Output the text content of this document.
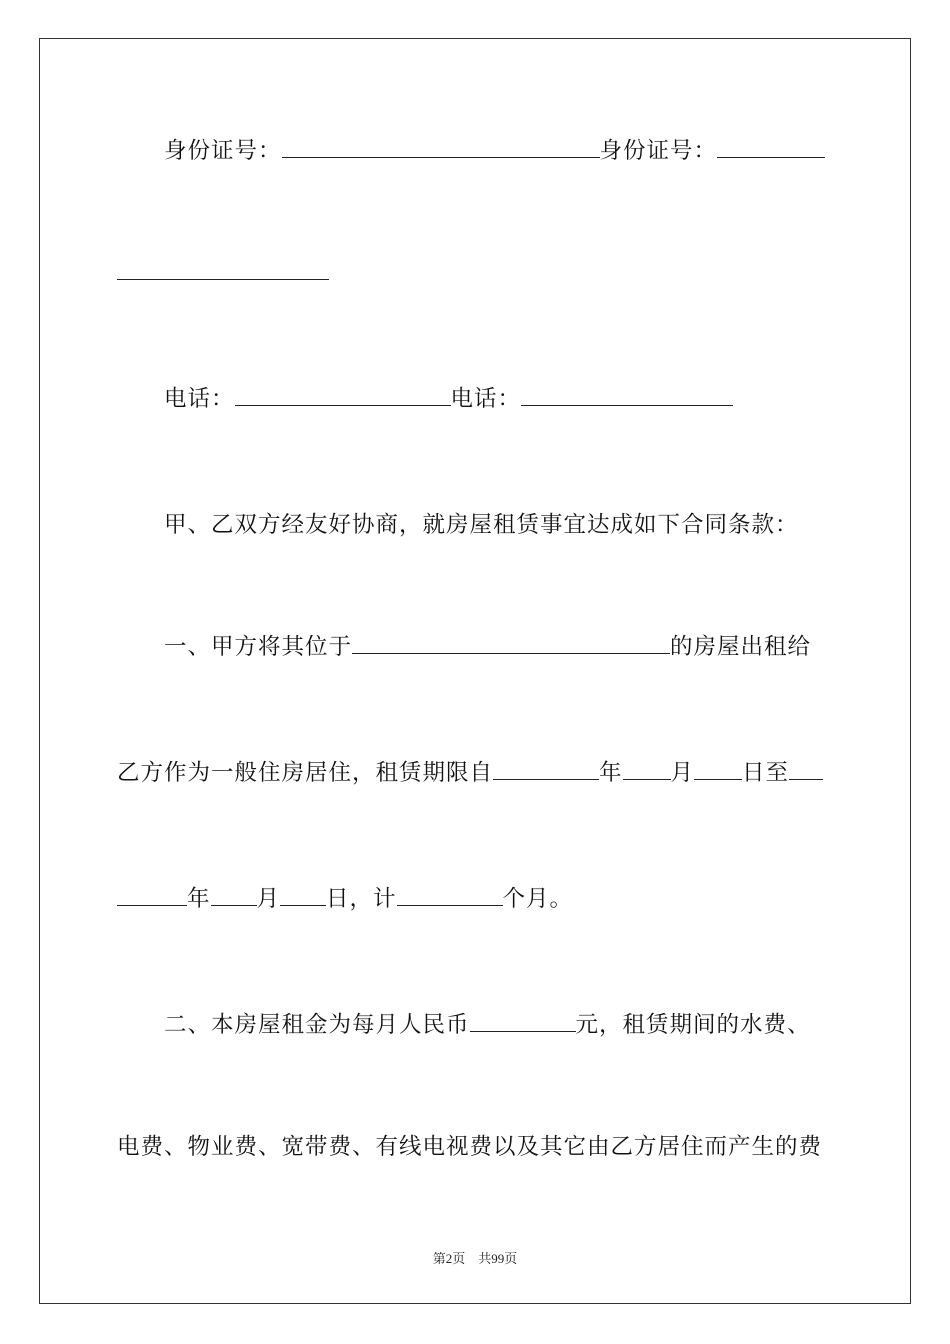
身份证号：	身份证号：
电话：	电话：
甲、乙双方经友好协商，就房屋租赁事宜达成如下合同条款：
一、甲方将其位于	的房屋出租给
乙方作为一般住房居住，租赁期限自	年 月 日至
年 月 日，计	个月。
二、本房屋租金为每月人民币	元，租赁期间的水费、
电费、物业费、宽带费、有线电视费以及其它由乙方居住而产生的费
第2页　共99页
